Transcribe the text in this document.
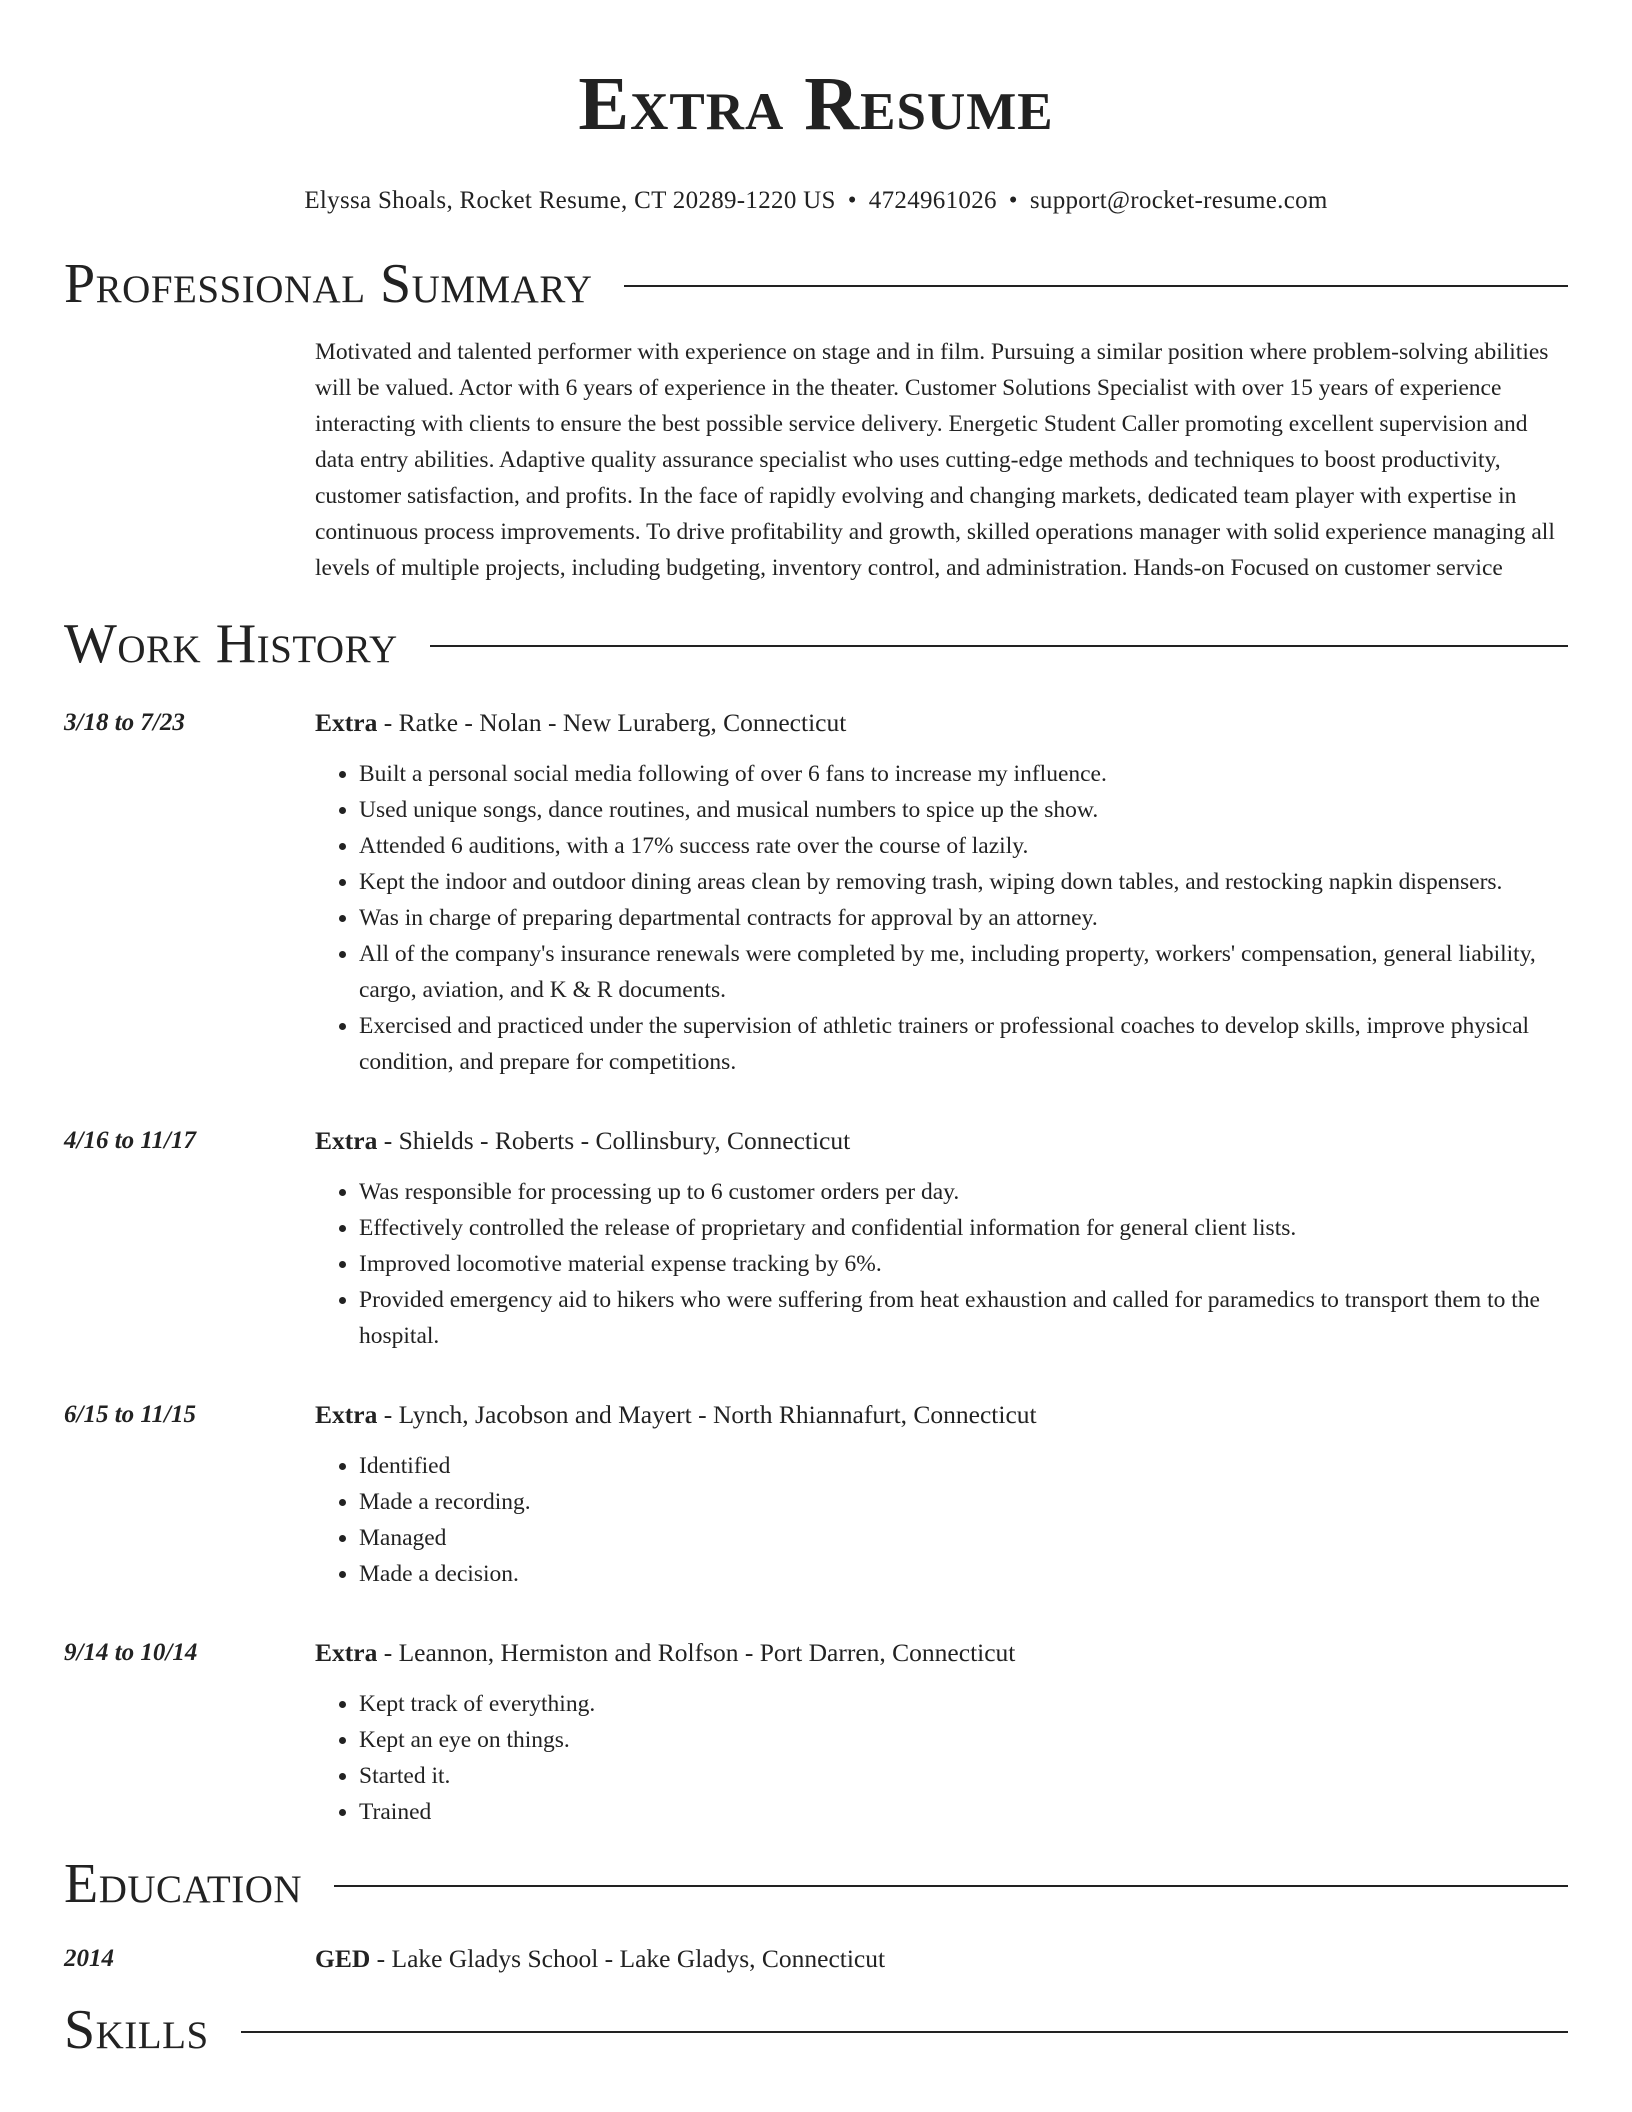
Extra Resume
Elyssa Shoals, Rocket Resume, CT 20289-1220 US • 4724961026 • support@rocket-resume.com
Professional Summary
Motivated and talented performer with experience on stage and in film. Pursuing a similar position where problem-solving abilities will be valued. Actor with 6 years of experience in the theater. Customer Solutions Specialist with over 15 years of experience interacting with clients to ensure the best possible service delivery. Energetic Student Caller promoting excellent supervision and data entry abilities. Adaptive quality assurance specialist who uses cutting-edge methods and techniques to boost productivity, customer satisfaction, and profits. In the face of rapidly evolving and changing markets, dedicated team player with expertise in continuous process improvements. To drive profitability and growth, skilled operations manager with solid experience managing all levels of multiple projects, including budgeting, inventory control, and administration. Hands-on Focused on customer service
Work History
3/18 to 7/23	Extra - Ratke - Nolan - New Luraberg, Connecticut
• Built a personal social media following of over 6 fans to increase my influence.
• Used unique songs, dance routines, and musical numbers to spice up the show.
• Attended 6 auditions, with a 17% success rate over the course of lazily.
• Kept the indoor and outdoor dining areas clean by removing trash, wiping down tables, and restocking napkin dispensers.
• Was in charge of preparing departmental contracts for approval by an attorney.
• All of the company's insurance renewals were completed by me, including property, workers' compensation, general liability, cargo, aviation, and K & R documents.
• Exercised and practiced under the supervision of athletic trainers or professional coaches to develop skills, improve physical condition, and prepare for competitions.
4/16 to 11/17	Extra - Shields - Roberts - Collinsbury, Connecticut
• Was responsible for processing up to 6 customer orders per day.
• Effectively controlled the release of proprietary and confidential information for general client lists.
• Improved locomotive material expense tracking by 6%.
• Provided emergency aid to hikers who were suffering from heat exhaustion and called for paramedics to transport them to the hospital.
6/15 to 11/15	Extra - Lynch, Jacobson and Mayert - North Rhiannafurt, Connecticut
• Identified
• Made a recording.
• Managed
• Made a decision.
9/14 to 10/14	Extra - Leannon, Hermiston and Rolfson - Port Darren, Connecticut
• Kept track of everything.
• Kept an eye on things.
• Started it.
• Trained
Education
2014	GED - Lake Gladys School - Lake Gladys, Connecticut
Skills
